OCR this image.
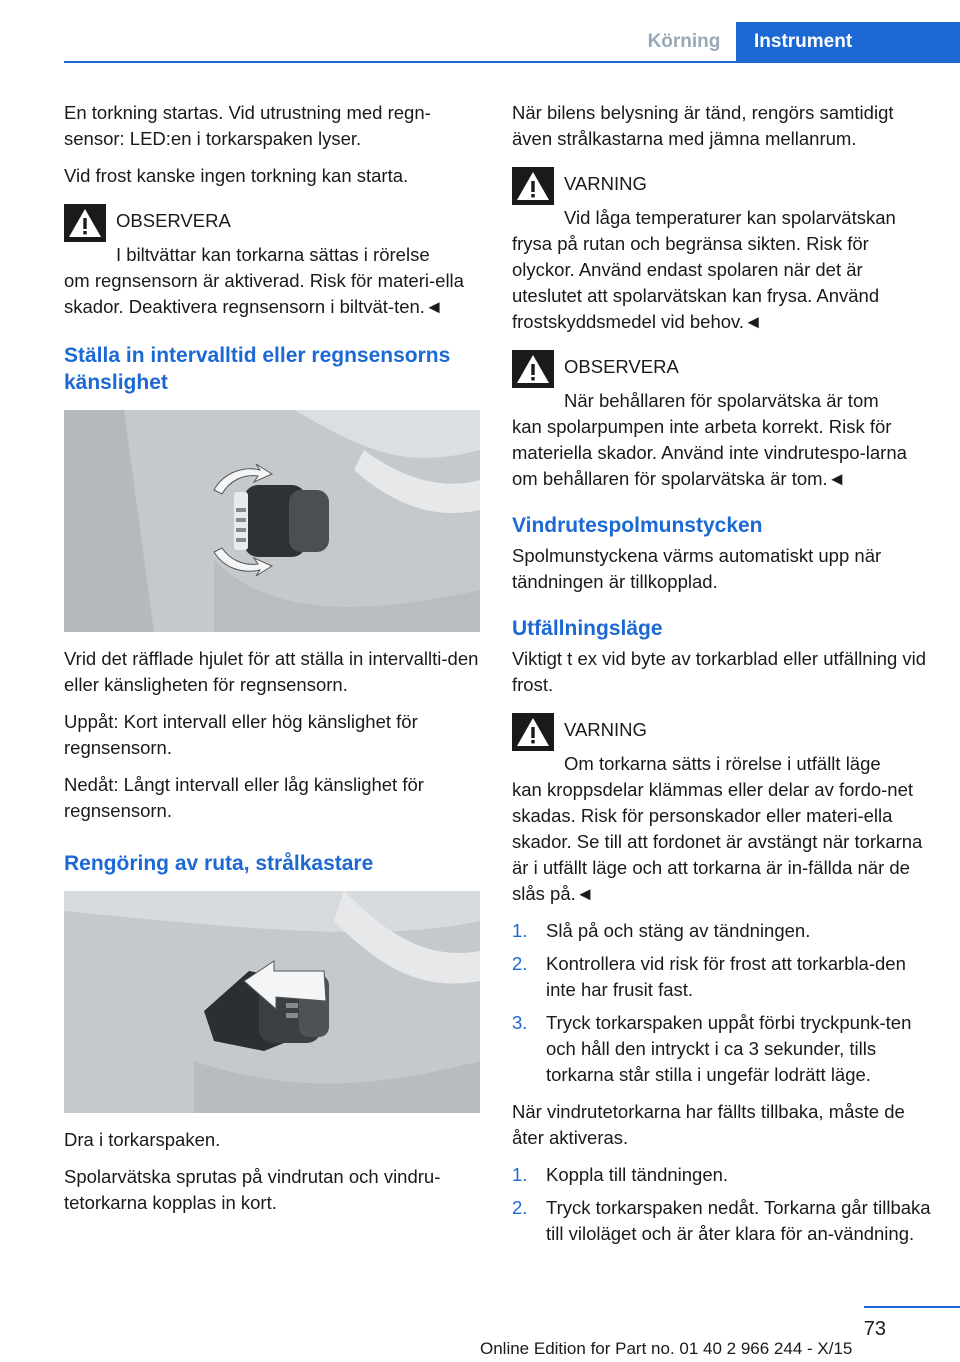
Körning	Instrument

En torkning startas. Vid utrustning med regn-sensor: LED:en i torkarspaken lyser.

Vid frost kanske ingen torkning kan starta.

OBSERVERA
I biltvättar kan torkarna sättas i rörelse
om regnsensorn är aktiverad. Risk för materi-ella skador. Deaktivera regnsensorn i biltvät-ten.◄
Ställa in intervalltid eller regnsensorns känslighet

Vrid det räfflade hjulet för att ställa in intervallti-den eller känsligheten för regnsensorn.

Uppåt: Kort intervall eller hög känslighet för regnsensorn.

Nedåt: Långt intervall eller låg känslighet för regnsensorn.

Rengöring av ruta, strålkastare

Dra i torkarspaken.

Spolarvätska sprutas på vindrutan och vindru-tetorkarna kopplas in kort.

När bilens belysning är tänd, rengörs samtidigt även strålkastarna med jämna mellanrum.

VARNING
Vid låga temperaturer kan spolarvätskan
frysa på rutan och begränsa sikten. Risk för olyckor. Använd endast spolaren när det är uteslutet att spolarvätskan kan frysa. Använd frostskyddsmedel vid behov.◄
OBSERVERA
När behållaren för spolarvätska är tom
kan spolarpumpen inte arbeta korrekt. Risk för materiella skador. Använd inte vindrutespo-larna om behållaren för spolarvätska är tom.◄
Vindrutespolmunstycken

Spolmunstyckena värms automatiskt upp när tändningen är tillkopplad.

Utfällningsläge

Viktigt t ex vid byte av torkarblad eller utfällning vid frost.

VARNING
Om torkarna sätts i rörelse i utfällt läge
kan kroppsdelar klämmas eller delar av fordo-net skadas. Risk för personskador eller materi-ella skador. Se till att fordonet är avstängt när torkarna är i utfällt läge och att torkarna är in-fällda när de slås på.◄
1.	Slå på och stäng av tändningen.
2.	Kontrollera vid risk för frost att torkarbla-den inte har frusit fast.
3.	Tryck torkarspaken uppåt förbi tryckpunk-ten och håll den intryckt i ca 3 sekunder, tills torkarna står stilla i ungefär lodrätt läge.

När vindrutetorkarna har fällts tillbaka, måste de åter aktiveras.

1.	Koppla till tändningen.
2.	Tryck torkarspaken nedåt. Torkarna går tillbaka till viloläget och är åter klara för an-vändning.
73
Online Edition for Part no. 01 40 2 966 244 - X/15
